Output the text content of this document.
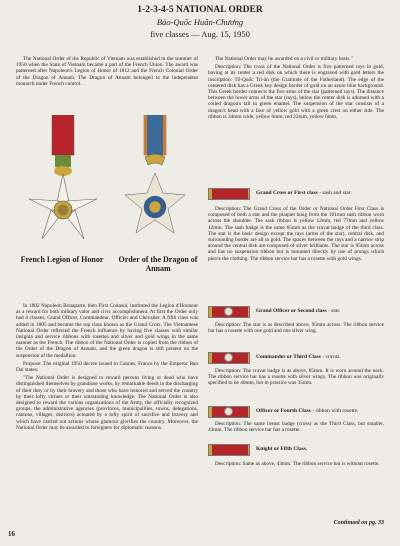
1-2-3-4-5 NATIONAL ORDER
Bảo-Quốc Huân-Chương
five classes — Aug. 15, 1950

The National Order of the Republic of Vietnam was established in the summer of 1950 when the State of Vietnam became a part of the French Union. The award was patterned after Napoleon's Legion of Honor of 1812 and the French Colonial Order of the Dragon of Annam. The Dragon of Annam belonged to the independent monarch under French control.

French Legion of Honor	Order of the Dragon of Annam

In 1802 Napoleon Bonaparte, then First Counsul, instituted the Legion d'Honneur as a reward for both military valor and civic accomplishment. At first the Order only had 4 classes; Grand Officer, Commandeur, Officier and Chevalier. A fifth class was added in 1805 and became the top class known as the Grand Croix. The Vietnamese National Order reflected the French influence by having five classes with similar insignia and service ribbons with rosettes and silver and gold wings in the same manner as the French. The ribbon of the National Order is copied from the ribbon of the Order of the Dragon of Annam, and the green dragon is still present on the suspension of the medallion.

Purpose: The original 1950 decree issued in Cannes, France by the Emperor Bao Dai states:

"The National Order is designed to reward persons living or dead who have distinguished themselves by grandiose works, by remarkable deeds in the discharging of their duty or by their bravery and those who have honored and served the country by their lofty virtues or their outstanding knowledge. The National Order is also designed to reward the various organizations of the Army, the officially recognized groups, the administrative agencies (provinces, municipalities, towns, delegations, cantons, villages, districts) actuated by a lofty spirit of sacrifice and bravery and which have carried out actions whose glamour glorifies the country. Moreover, the National Order may be awarded to foreigners for diplomatic reasons.

The National Order may be awarded on a civil or military basis."

Description: The cross of the National Order is five patterned rays in gold, having at its center a red disk on which there is engraved with gold letters the inscription: Tổ-Quốc Tri-ân (the Gratitude of the Fatherland). The edge of the centered disk has a Greek key design border of gold on an azure blue background. This Greek border connects the five arms of the star (patterned rays). The distance between the lower arms of the star (rays), below the center disk is adorned with a coiled dragon's tail in green enamel. The suspension of the star consists of a dragon's head with a face of yellow gold with a green crest on either side. The ribbon is 34mm wide, yellow 6mm, red 22mm, yellow 6mm.

Grand Cross or First class - sash and star.

Description: The Grand Cross of the Order or National Order First Class is composed of both a star and the plaquet hung from the 101mm sash ribbon worn across the shoulder. The sash ribbon is yellow 12mm, red 77mm and yellow 12mm. The sash badge is the same 65mm as the cravat badge of the third class. The star is the basic design except the rays (arms of the star), central disk, and surrounding border are all in gold. The spaces between the rays and a narrow strip around the central disk are composed of silver brilliants. The star is 95mm across and has no suspension ribbon but is mounted directly by use of prongs which pierce the clothing. The ribbon service bar has a rosette with gold wings.

Grand Officer or Second class - star.

Description: The star is as described above, 95mm across. The ribbon service bar has a rosette with one gold and one silver wing.

Commander or Third Class - cravat.

Description: The cravat badge is as above, 65mm. It is worn around the neck. The ribbon service bar has a rosette with silver wings. The ribbon was originally specified to be 40mm, but in practice was 35mm.

Officer or Fourth Class - ribbon with rosette.

Description: The same breast badge (cross) as the Third Class, but smaller, 43mm. The ribbon service bar has a rosette.

Knight or Fifth Class.

Description: Same as above, 43mm. The ribbon service bar is without rosette.

Continued on pg. 33
16
